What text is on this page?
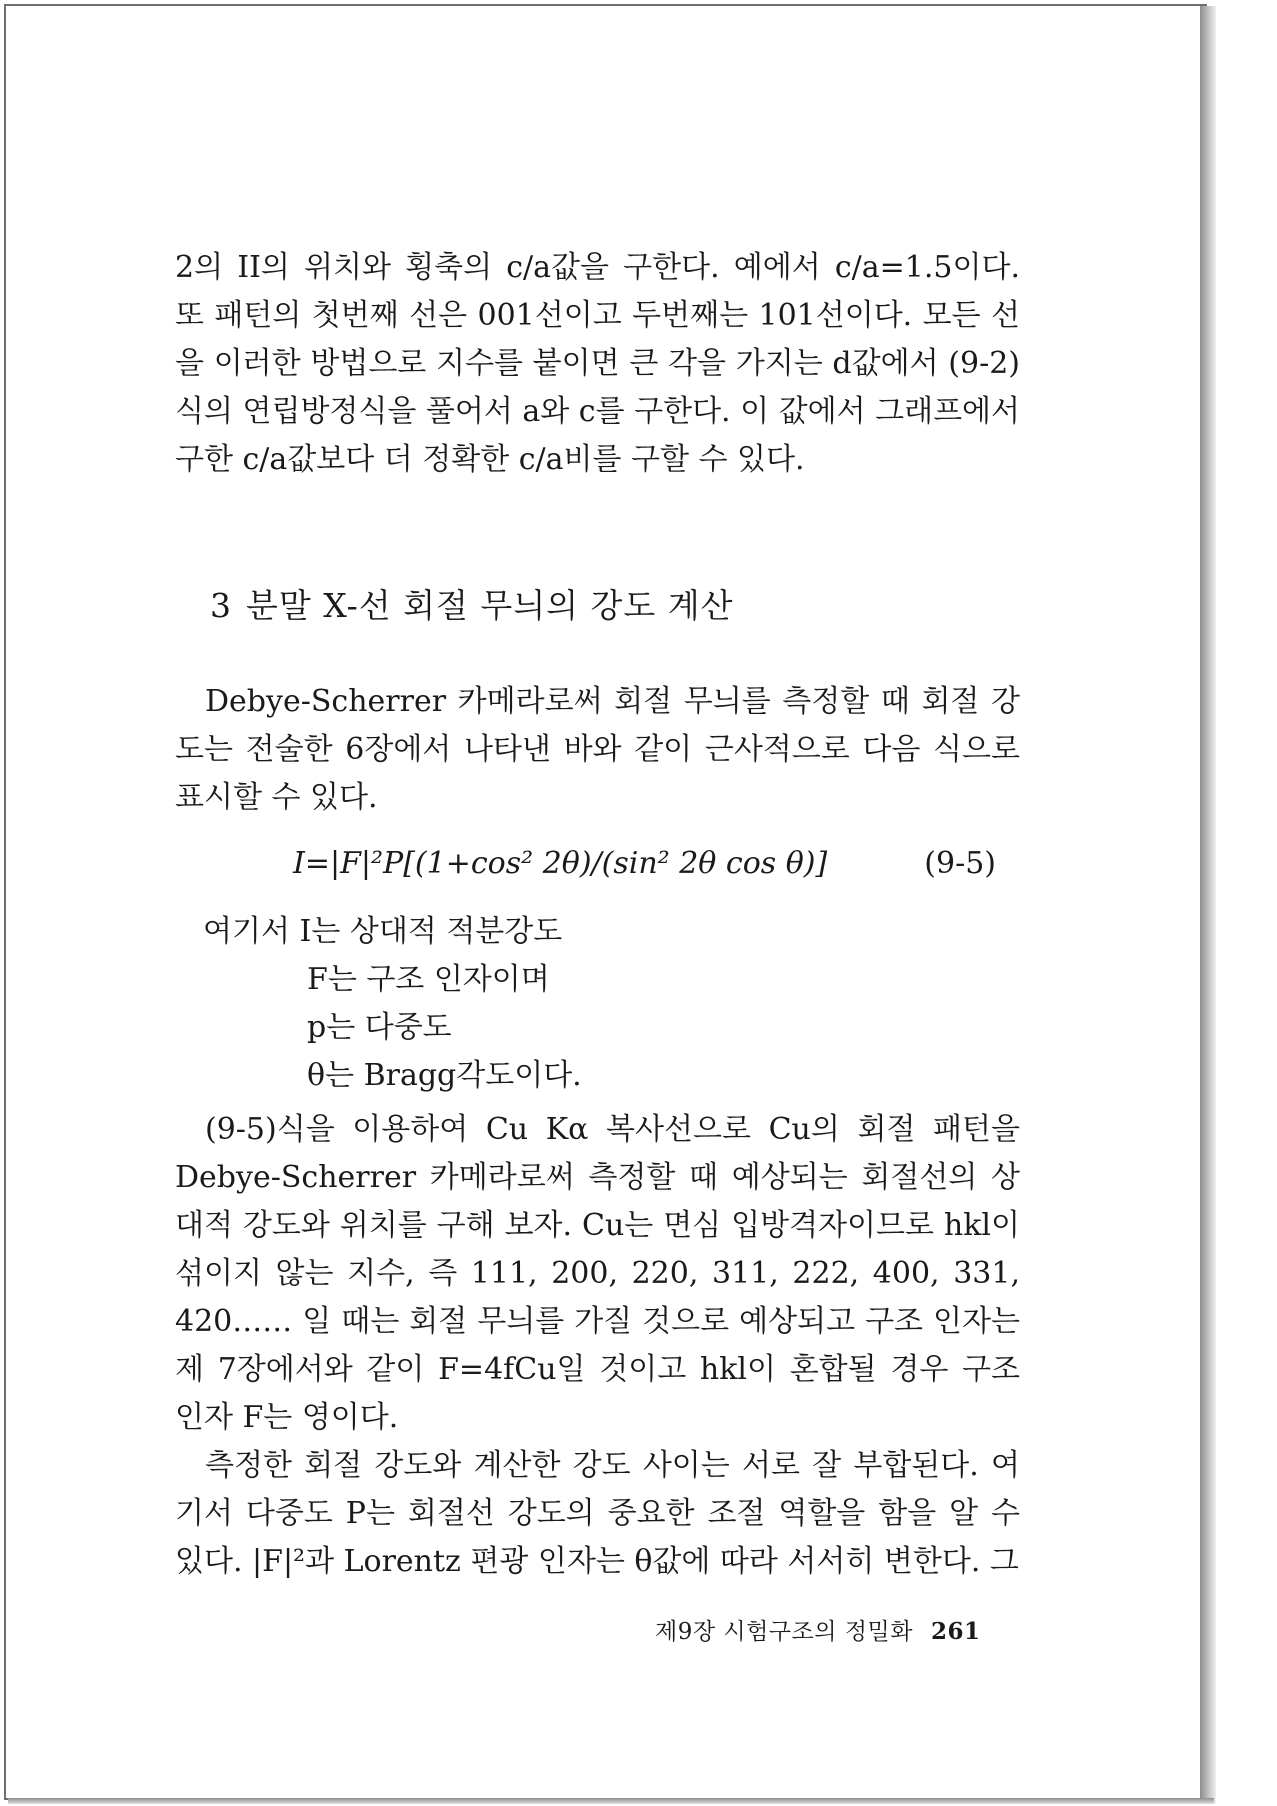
2의 II의 위치와 횡축의 c/a값을 구한다. 예에서 c/a=1.5이다. 또 패턴의 첫번째 선은 001선이고 두번째는 101선이다. 모든 선을 이러한 방법으로 지수를 붙이면 큰 각을 가지는 d값에서 (9-2)식의 연립방정식을 풀어서 a와 c를 구한다. 이 값에서 그래프에서 구한 c/a값보다 더 정확한 c/a비를 구할 수 있다.

3 분말 X-선 회절 무늬의 강도 계산

Debye-Scherrer 카메라로써 회절 무늬를 측정할 때 회절 강도는 전술한 6장에서 나타낸 바와 같이 근사적으로 다음 식으로 표시할 수 있다.

I=|F|²P[(1+cos² 2θ)/(sin² 2θ cos θ)]	(9-5)
여기서 I는 상대적 적분강도
F는 구조 인자이며
p는 다중도
θ는 Bragg각도이다.

(9-5)식을 이용하여 Cu Kα 복사선으로 Cu의 회절 패턴을 Debye-Scherrer 카메라로써 측정할 때 예상되는 회절선의 상대적 강도와 위치를 구해 보자. Cu는 면심 입방격자이므로 hkl이 섞이지 않는 지수, 즉 111, 200, 220, 311, 222, 400, 331, 420…… 일 때는 회절 무늬를 가질 것으로 예상되고 구조 인자는 제 7장에서와 같이 F=4fCu일 것이고 hkl이 혼합될 경우 구조 인자 F는 영이다.

측정한 회절 강도와 계산한 강도 사이는 서로 잘 부합된다. 여기서 다중도 P는 회절선 강도의 중요한 조절 역할을 함을 알 수 있다. |F|²과 Lorentz 편광 인자는 θ값에 따라 서서히 변한다. 그

제9장 시험구조의 정밀화 261
